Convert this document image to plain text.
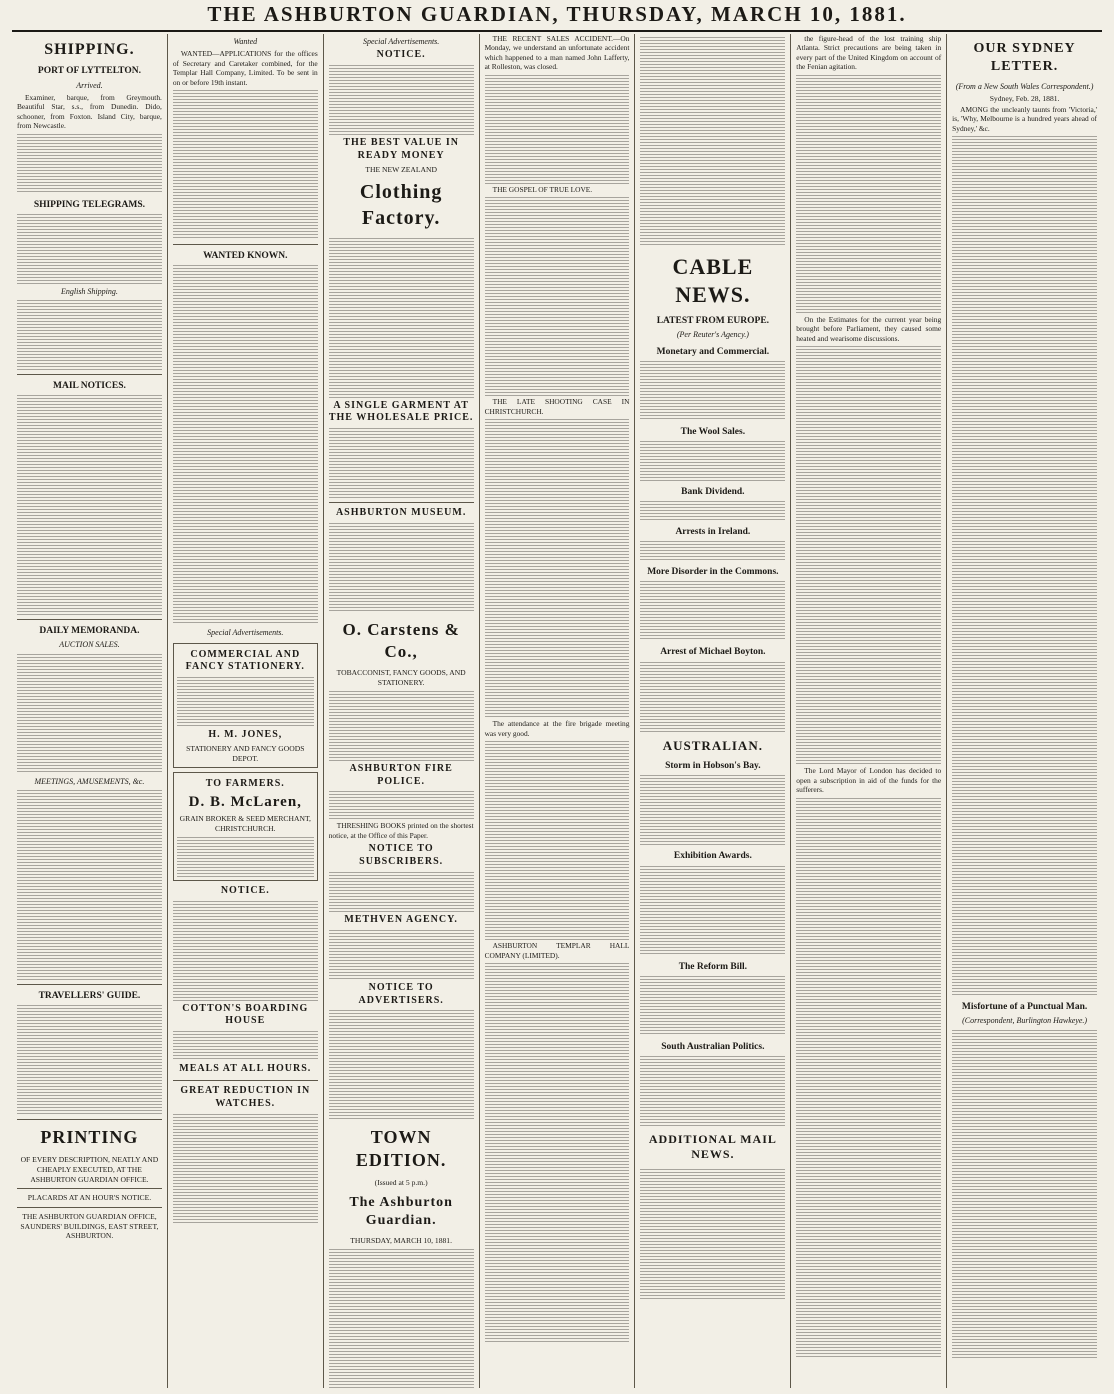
THE ASHBURTON GUARDIAN, THURSDAY, MARCH 10, 1881.
SHIPPING.
PORT OF LYTTELTON.
Arrived.

Examiner, barque, from Greymouth. Beautiful Star, s.s., from Dunedin. Dido, schooner, from Foxton. Island City, barque, from Newcastle.

SHIPPING TELEGRAMS.
English Shipping.
MAIL NOTICES.
DAILY MEMORANDA.
AUCTION SALES.
MEETINGS, AMUSEMENTS, &c.
TRAVELLERS' GUIDE.
PRINTING
OF EVERY DESCRIPTION, NEATLY AND CHEAPLY EXECUTED, AT THE ASHBURTON GUARDIAN OFFICE.
PLACARDS AT AN HOUR'S NOTICE.
THE ASHBURTON GUARDIAN OFFICE, SAUNDERS' BUILDINGS, EAST STREET, ASHBURTON.
Wanted

WANTED—APPLICATIONS for the offices of Secretary and Caretaker combined, for the Templar Hall Company, Limited. To be sent in on or before 19th instant.

WANTED KNOWN.
Special Advertisements.
COMMERCIAL AND FANCY STATIONERY.
H. M. JONES,
STATIONERY AND FANCY GOODS DEPOT.
TO FARMERS.
D. B. McLaren,
GRAIN BROKER & SEED MERCHANT, CHRISTCHURCH.
NOTICE.
COTTON'S BOARDING HOUSE
MEALS AT ALL HOURS.
GREAT REDUCTION IN WATCHES.
Special Advertisements.
NOTICE.
THE BEST VALUE IN READY MONEY
THE NEW ZEALAND
Clothing Factory.
A SINGLE GARMENT AT THE WHOLESALE PRICE.
ASHBURTON MUSEUM.
O. Carstens & Co.,
TOBACCONIST, FANCY GOODS, AND STATIONERY.
ASHBURTON FIRE POLICE.

THRESHING BOOKS printed on the shortest notice, at the Office of this Paper.

NOTICE TO SUBSCRIBERS.
METHVEN AGENCY.
NOTICE TO ADVERTISERS.
TOWN EDITION.
(Issued at 5 p.m.)
The Ashburton Guardian.
THURSDAY, MARCH 10, 1881.

THE RECENT SALES ACCIDENT.—On Monday, we understand an unfortunate accident which happened to a man named John Lafferty, at Rolleston, was closed.

THE GOSPEL OF TRUE LOVE.

THE LATE SHOOTING CASE IN CHRISTCHURCH.

The attendance at the fire brigade meeting was very good.

ASHBURTON TEMPLAR HALL COMPANY (LIMITED).

CABLE NEWS.
LATEST FROM EUROPE.
(Per Reuter's Agency.)
Monetary and Commercial.
The Wool Sales.
Bank Dividend.
Arrests in Ireland.
More Disorder in the Commons.
Arrest of Michael Boyton.
AUSTRALIAN.
Storm in Hobson's Bay.
Exhibition Awards.
The Reform Bill.
South Australian Politics.
ADDITIONAL MAIL NEWS.

the figure-head of the lost training ship Atlanta. Strict precautions are being taken in every part of the United Kingdom on account of the Fenian agitation.

On the Estimates for the current year being brought before Parliament, they caused some heated and wearisome discussions.

The Lord Mayor of London has decided to open a subscription in aid of the funds for the sufferers.

OUR SYDNEY LETTER.
(From a New South Wales Correspondent.)
Sydney, Feb. 28, 1881.

AMONG the uncleanly taunts from 'Victoria,' is, 'Why, Melbourne is a hundred years ahead of Sydney,' &c.

Misfortune of a Punctual Man.
(Correspondent, Burlington Hawkeye.)
